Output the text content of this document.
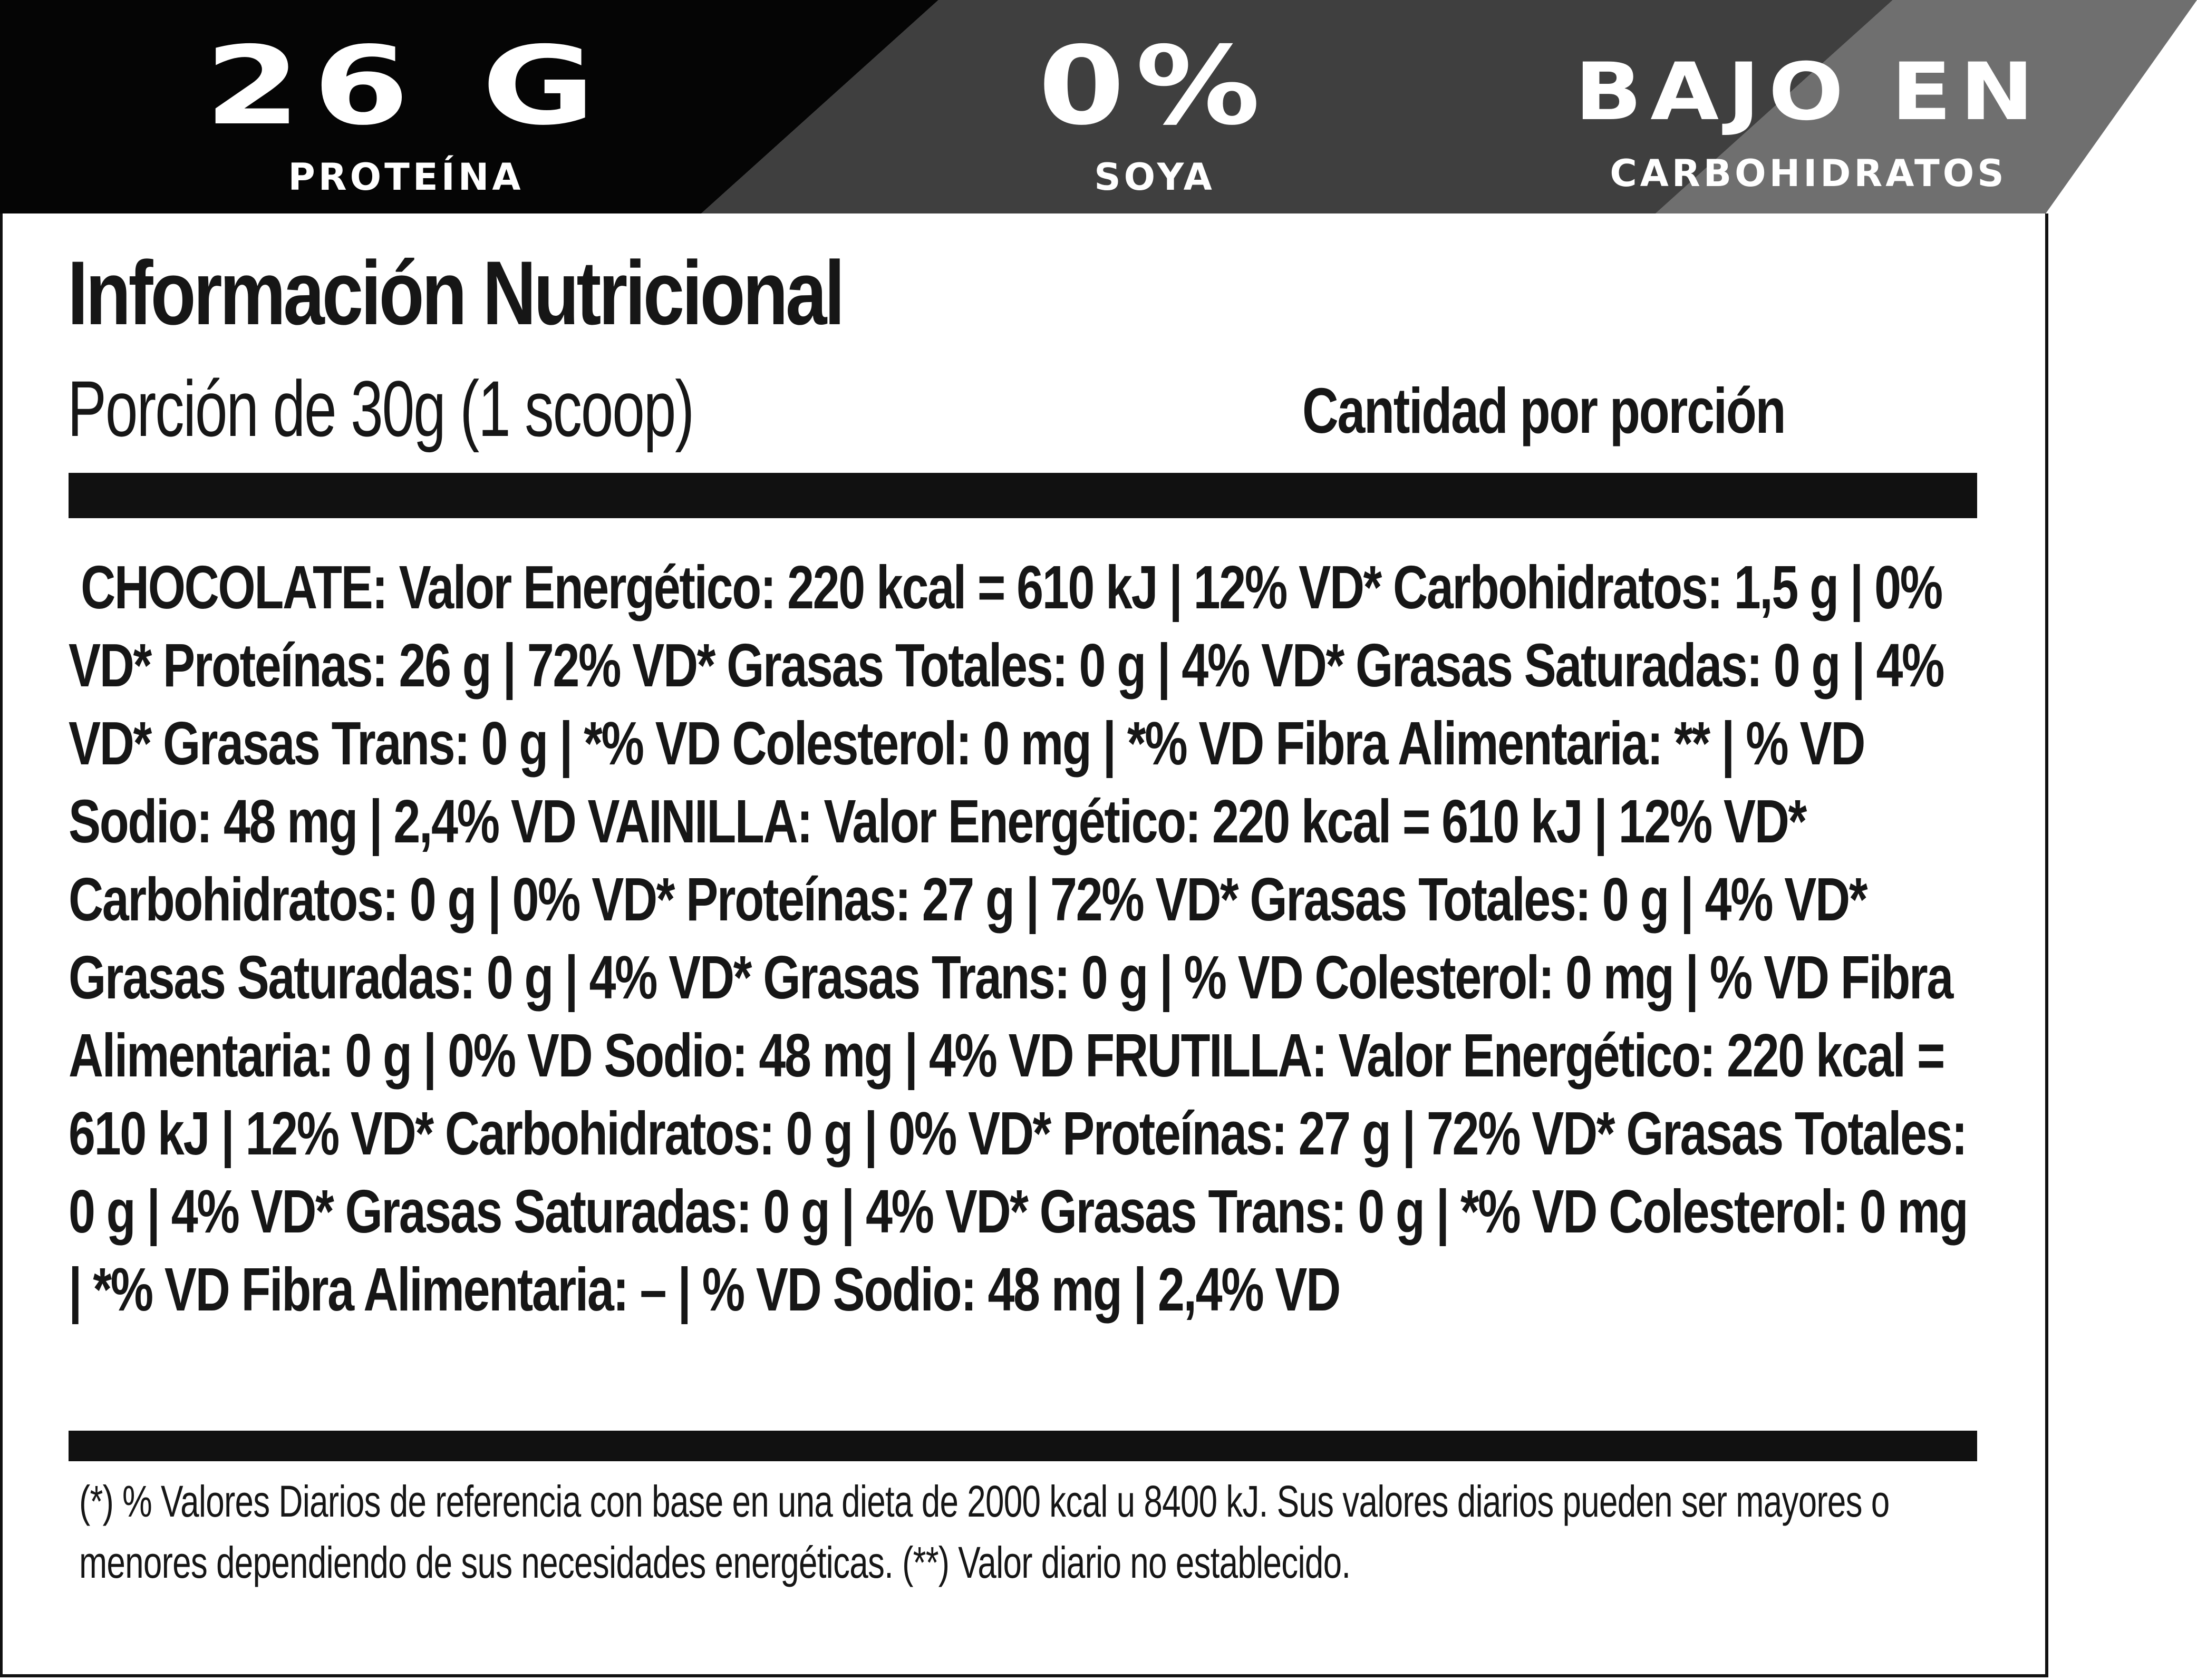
26 G
PROTEÍNA
0%
SOYA
BAJO EN
CARBOHIDRATOS
Información Nutricional
Porción de 30g (1 scoop)	Cantidad por porción
CHOCOLATE: Valor Energético: 220 kcal = 610 kJ | 12% VD* Carbohidratos: 1,5 g | 0% VD* Proteínas: 26 g | 72% VD* Grasas Totales: 0 g | 4% VD* Grasas Saturadas: 0 g | 4% VD* Grasas Trans: 0 g | *% VD Colesterol: 0 mg | *% VD Fibra Alimentaria: ** | % VD Sodio: 48 mg | 2,4% VD VAINILLA: Valor Energético: 220 kcal = 610 kJ | 12% VD* Carbohidratos: 0 g | 0% VD* Proteínas: 27 g | 72% VD* Grasas Totales: 0 g | 4% VD* Grasas Saturadas: 0 g | 4% VD* Grasas Trans: 0 g | % VD Colesterol: 0 mg | % VD Fibra Alimentaria: 0 g | 0% VD Sodio: 48 mg | 4% VD FRUTILLA: Valor Energético: 220 kcal = 610 kJ | 12% VD* Carbohidratos: 0 g | 0% VD* Proteínas: 27 g | 72% VD* Grasas Totales: 0 g | 4% VD* Grasas Saturadas: 0 g | 4% VD* Grasas Trans: 0 g | *% VD Colesterol: 0 mg | *% VD Fibra Alimentaria: – | % VD Sodio: 48 mg | 2,4% VD
(*) % Valores Diarios de referencia con base en una dieta de 2000 kcal u 8400 kJ. Sus valores diarios pueden ser mayores o menores dependiendo de sus necesidades energéticas. (**) Valor diario no establecido.
